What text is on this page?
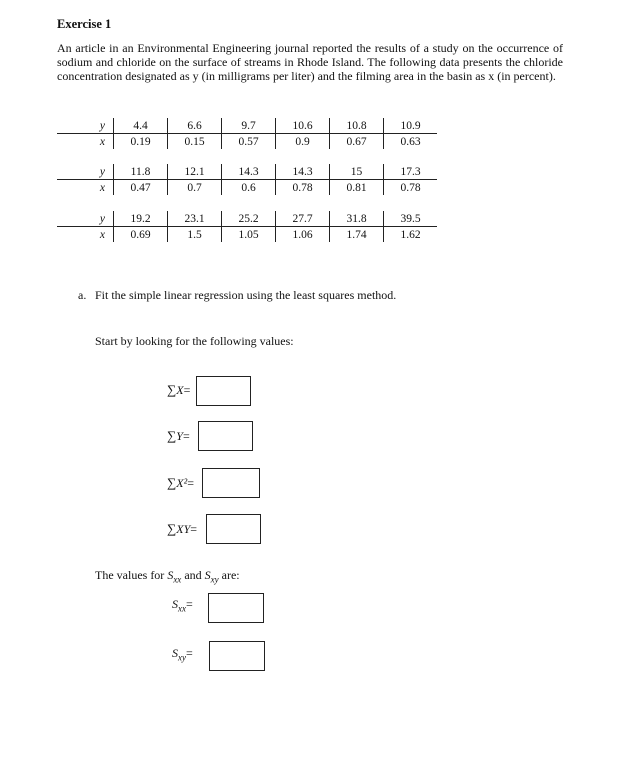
Exercise 1
An article in an Environmental Engineering journal reported the results of a study on the occurrence of sodium and chloride on the surface of streams in Rhode Island. The following data presents the chloride concentration designated as y (in milligrams per liter) and the filming area in the basin as x (in percent).
y	4.4	6.6	9.7	10.6	10.8	10.9
x	0.19	0.15	0.57	0.9	0.67	0.63
y	11.8	12.1	14.3	14.3	15	17.3
x	0.47	0.7	0.6	0.78	0.81	0.78
y	19.2	23.1	25.2	27.7	31.8	39.5
x	0.69	1.5	1.05	1.06	1.74	1.62
a. Fit the simple linear regression using the least squares method.
Start by looking for the following values:
∑X=
∑Y=
∑X²=
∑XY=
The values for $S_{xx}$ and $S_{xy}$ are:
$S_{xx}=$
$S_{xy}=$
